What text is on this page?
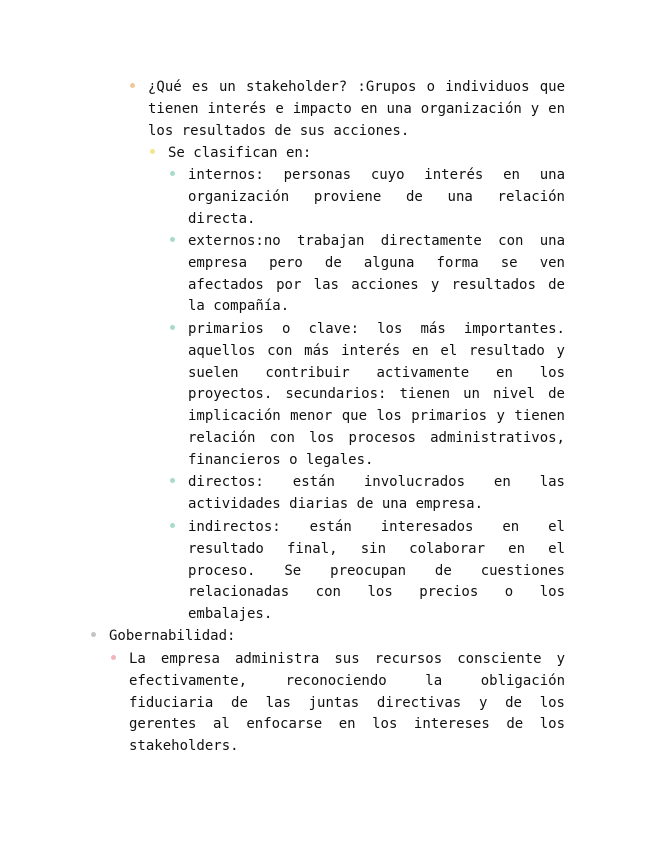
¿Qué es un stakeholder? :Grupos o individuos que tienen interés e impacto en una organización y en los resultados de sus acciones.
Se clasifican en:
internos: personas cuyo interés en una organización proviene de una relación directa.
externos:no trabajan directamente con una empresa pero de alguna forma se ven afectados por las acciones y resultados de la compañía.
primarios o clave: los más importantes. aquellos con más interés en el resultado y suelen contribuir activamente en los proyectos. secundarios: tienen un nivel de implicación menor que los primarios y tienen relación con los procesos administrativos, financieros o legales.
directos: están involucrados en las actividades diarias de una empresa.
indirectos: están interesados en el resultado final, sin colaborar en el proceso. Se preocupan de cuestiones relacionadas con los precios o los embalajes.
Gobernabilidad:
La empresa administra sus recursos consciente y efectivamente, reconociendo la obligación fiduciaria de las juntas directivas y de los gerentes al enfocarse en los intereses de los stakeholders.
